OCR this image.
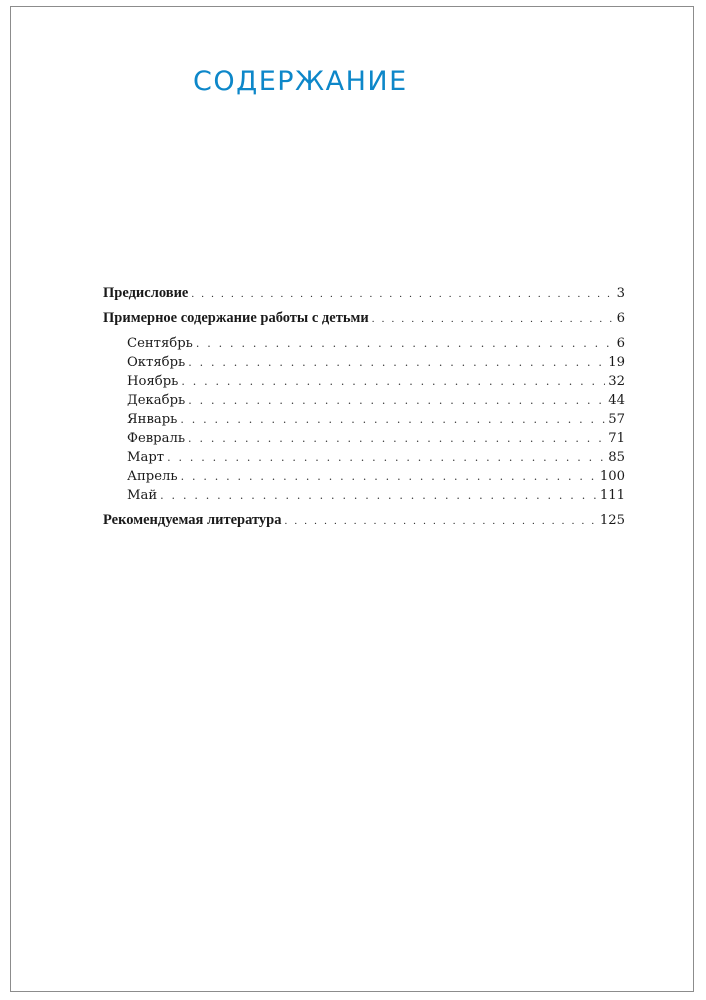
СОДЕРЖАНИЕ
Предисловие . . .	3
Примерное содержание работы с детьми . . .	6
Сентябрь . . .	6
Октябрь . . .	19
Ноябрь . . .	32
Декабрь . . .	44
Январь . . .	57
Февраль . . .	71
Март . . .	85
Апрель . . .	100
Май . . .	111
Рекомендуемая литература . . .	125
